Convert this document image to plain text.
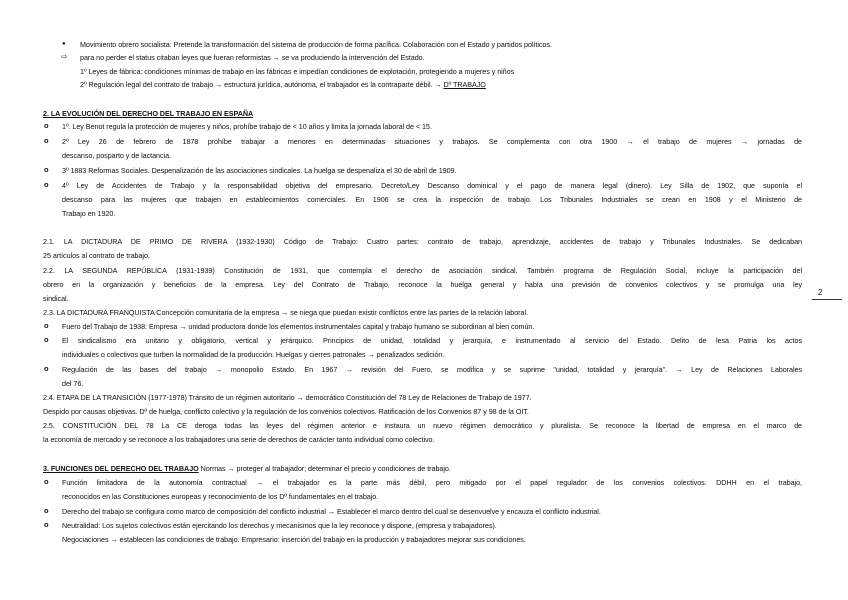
● Movimiento obrero socialista: Pretende la transformación del sistema de producción de forma pacífica. Colaboración con el Estado y partidos políticos.
⇨ para no perder el status citaban leyes que fueran reformistas → se va produciendo la intervención del Estado.
1º Leyes de fábrica: condiciones mínimas de trabajo en las fábricas e impedían condiciones de explotación, protegiendo a mujeres y niños
2º Regulación legal del contrato de trabajo → estructura jurídica, autónoma, el trabajador es la contraparte débil. → Dº TRABAJO
2. LA EVOLUCIÓN DEL DERECHO DEL TRABAJO EN ESPAÑA
o 1º. Ley Benot regula la protección de mujeres y niños, prohíbe trabajo de < 10 años y limita la jornada laboral de < 15.
o 2º Ley 26 de febrero de 1878 prohíbe trabajar a menores en determinadas situaciones y trabajos. Se complementa con otra 1900 → el trabajo de mujeres → jornadas de
descanso, posparto y de lactancia.
o 3º 1883 Reformas Sociales. Despenalización de las asociaciones sindicales. La huelga se despenaliza el 30 de abril de 1909.
o 4º Ley de Accidentes de Trabajo y la responsabilidad objetiva del empresario. Decreto/Ley Descanso dominical y el pago de manera legal (dinero). Ley Silla de 1902, que suponía el
descanso para las mujeres que trabajen en establecimientos comerciales. En 1906 se crea la inspección de trabajo. Los Tribunales Industriales se crean en 1908 y el Ministerio de
Trabajo en 1920.
2.1. LA DICTADURA DE PRIMO DE RIVERA (1932-1930) Código de Trabajo: Cuatro partes: contrato de trabajo, aprendizaje, accidentes de trabajo y Tribunales Industriales. Se dedicaban
25 artículos al contrato de trabajo.
2.2. LA SEGUNDA REPÚBLICA (1931-1939) Constitución de 1931, que contempla el derecho de asociación sindical. También programa de Regulación Social, incluye la participación del
obrero en la organización y beneficios de la empresa. Ley del Contrato de Trabajo, reconoce la huelga general y había una previsión de convenios colectivos y se promulga una ley
sindical.
2.3. LA DICTADURA FRANQUISTA Concepción comunitaria de la empresa → se niega que puedan existir conflictos entre las partes de la relación laboral.
o Fuero del Trabajo de 1938: Empresa → unidad productora donde los elementos instrumentales capital y trabajo humano se subordinan al bien común.
o El sindicalismo era unitario y obligatorio, vertical y jerárquico. Principios de unidad, totalidad y jerarquía, e instrumentado al servicio del Estado. Delito de lesa Patria los actos
individuales o colectivos que turben la normalidad de la producción. Huelgas y cierres patronales → penalizados sedición.
o Regulación de las bases del trabajo → monopolio Estado. En 1967 → revisión del Fuero, se modifica y se suprime "unidad, totalidad y jerarquía". → Ley de Relaciones Laborales
del 76.
2.4. ETAPA DE LA TRANSICIÓN (1977-1978) Tránsito de un régimen autoritario → democrático Constitución del 78 Ley de Relaciones de Trabajo de 1977.
Despido por causas objetivas. Dº de huelga, conflicto colectivo y la regulación de los convenios colectivos. Ratificación de los Convenios 87 y 98 de la OIT.
2.5. CONSTITUCIÓN DEL 78 La CE deroga todas las leyes del régimen anterior e instaura un nuevo régimen democrático y pluralista. Se reconoce la libertad de empresa en el marco de
la economía de mercado y se reconoce a los trabajadores una serie de derechos de carácter tanto individual como colectivo.
3. FUNCIONES DEL DERECHO DEL TRABAJO Normas → proteger al trabajador; determinar el precio y condiciones de trabajo.
o Función limitadora de la autonomía contractual → el trabajador es la parte más débil, pero mitigado por el papel regulador de los convenios colectivos. DDHH en el trabajo,
reconocidos en las Constituciones europeas y reconocimiento de los Dº fundamentales en el trabajo.
o Derecho del trabajo se configura como marco de composición del conflicto industrial → Establecer el marco dentro del cual se desenvuelve y encauza el conflicto industrial.
o Neutralidad: Los sujetos colectivos están ejercitando los derechos y mecanismos que la ley reconoce y dispone, (empresa y trabajadores).
Negociaciones → establecen las condiciones de trabajo. Empresario: inserción del trabajo en la producción y trabajadores mejorar sus condiciones.
2
